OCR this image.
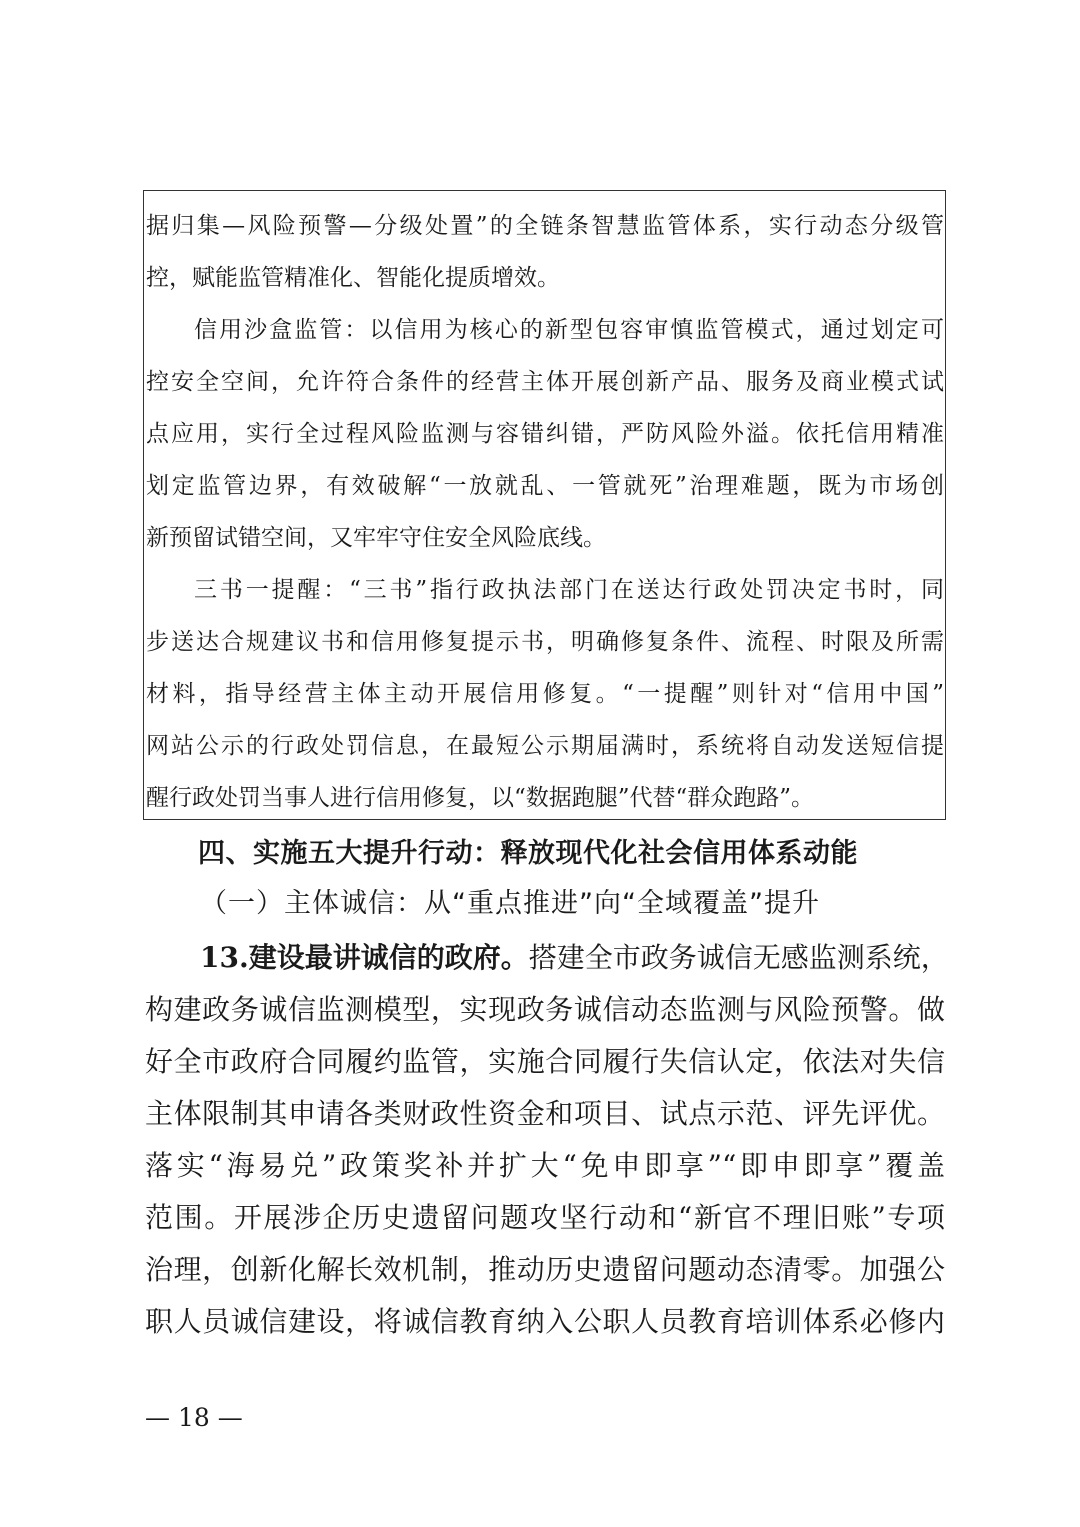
据归集—风险预警—分级处置”的全链条智慧监管体系，实行动态分级管
控，赋能监管精准化、智能化提质增效。
信用沙盒监管：以信用为核心的新型包容审慎监管模式，通过划定可
控安全空间，允许符合条件的经营主体开展创新产品、服务及商业模式试
点应用，实行全过程风险监测与容错纠错，严防风险外溢。依托信用精准
划定监管边界，有效破解“一放就乱、一管就死”治理难题，既为市场创
新预留试错空间，又牢牢守住安全风险底线。
三书一提醒：“三书”指行政执法部门在送达行政处罚决定书时，同
步送达合规建议书和信用修复提示书，明确修复条件、流程、时限及所需
材料，指导经营主体主动开展信用修复。“一提醒”则针对“信用中国”
网站公示的行政处罚信息，在最短公示期届满时，系统将自动发送短信提
醒行政处罚当事人进行信用修复，以“数据跑腿”代替“群众跑路”。
四、实施五大提升行动：释放现代化社会信用体系动能
（一）主体诚信：从“重点推进”向“全域覆盖”提升
13.建设最讲诚信的政府。搭建全市政务诚信无感监测系统，
构建政务诚信监测模型，实现政务诚信动态监测与风险预警。做
好全市政府合同履约监管，实施合同履行失信认定，依法对失信
主体限制其申请各类财政性资金和项目、试点示范、评先评优。
落实“海易兑”政策奖补并扩大“免申即享”“即申即享”覆盖
范围。开展涉企历史遗留问题攻坚行动和“新官不理旧账”专项
治理，创新化解长效机制，推动历史遗留问题动态清零。加强公
职人员诚信建设，将诚信教育纳入公职人员教育培训体系必修内
— 18 —
